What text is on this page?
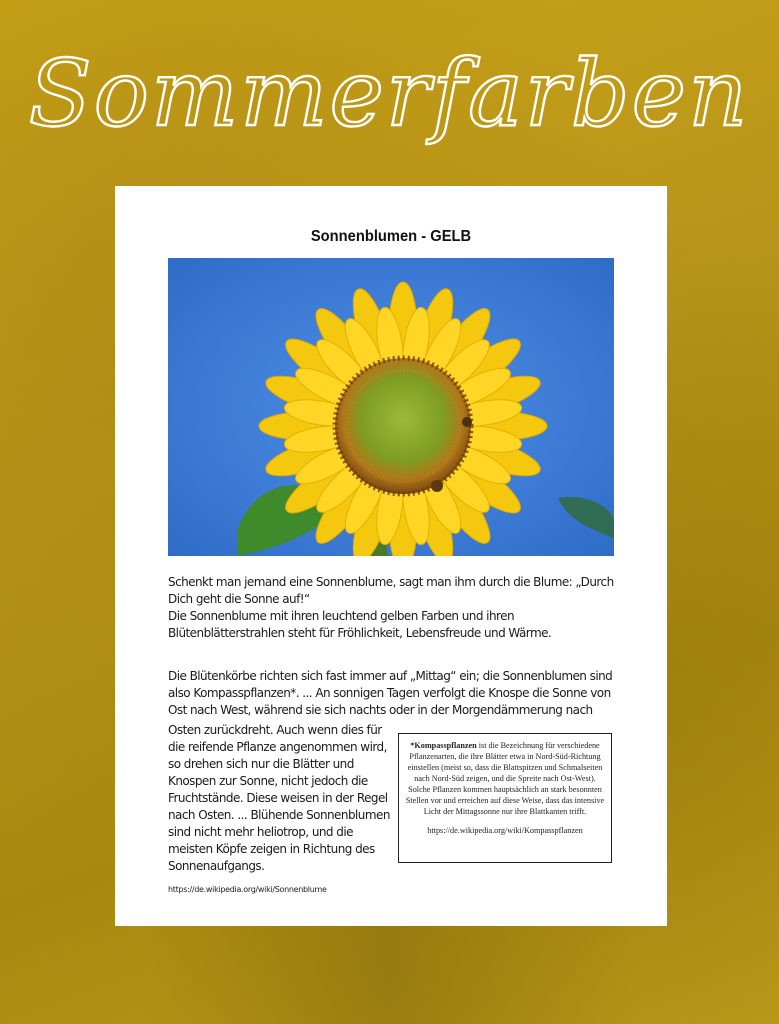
Sommerfarben
Sonnenblumen - GELB
Schenkt man jemand eine Sonnenblume, sagt man ihm durch die Blume: „Durch Dich geht die Sonne auf!“
Die Sonnenblume mit ihren leuchtend gelben Farben und ihren Blütenblätterstrahlen steht für Fröhlichkeit, Lebensfreude und Wärme.
Die Blütenkörbe richten sich fast immer auf „Mittag“ ein; die Sonnenblumen sind also Kompasspflanzen*. ... An sonnigen Tagen verfolgt die Knospe die Sonne von Ost nach West, während sie sich nachts oder in der Morgendämmerung nach
Osten zurückdreht. Auch wenn dies für die reifende Pflanze angenommen wird, so drehen sich nur die Blätter und Knospen zur Sonne, nicht jedoch die Fruchtstände. Diese weisen in der Regel nach Osten. ... Blühende Sonnenblumen sind nicht mehr heliotrop, und die meisten Köpfe zeigen in Richtung des Sonnenaufgangs.
*Kompasspflanzen ist die Bezeichnung für verschiedene Pflanzenarten, die ihre Blätter etwa in Nord-Süd-Richtung einstellen (meist so, dass die Blattspitzen und Schmalseiten nach Nord-Süd zeigen, und die Spreite nach Ost-West). Solche Pflanzen kommen hauptsächlich an stark besonnten Stellen vor und erreichen auf diese Weise, dass das intensive Licht der Mittagssonne nur ihre Blattkanten trifft.
https://de.wikipedia.org/wiki/Kompasspflanzen
https://de.wikipedia.org/wiki/Sonnenblume
